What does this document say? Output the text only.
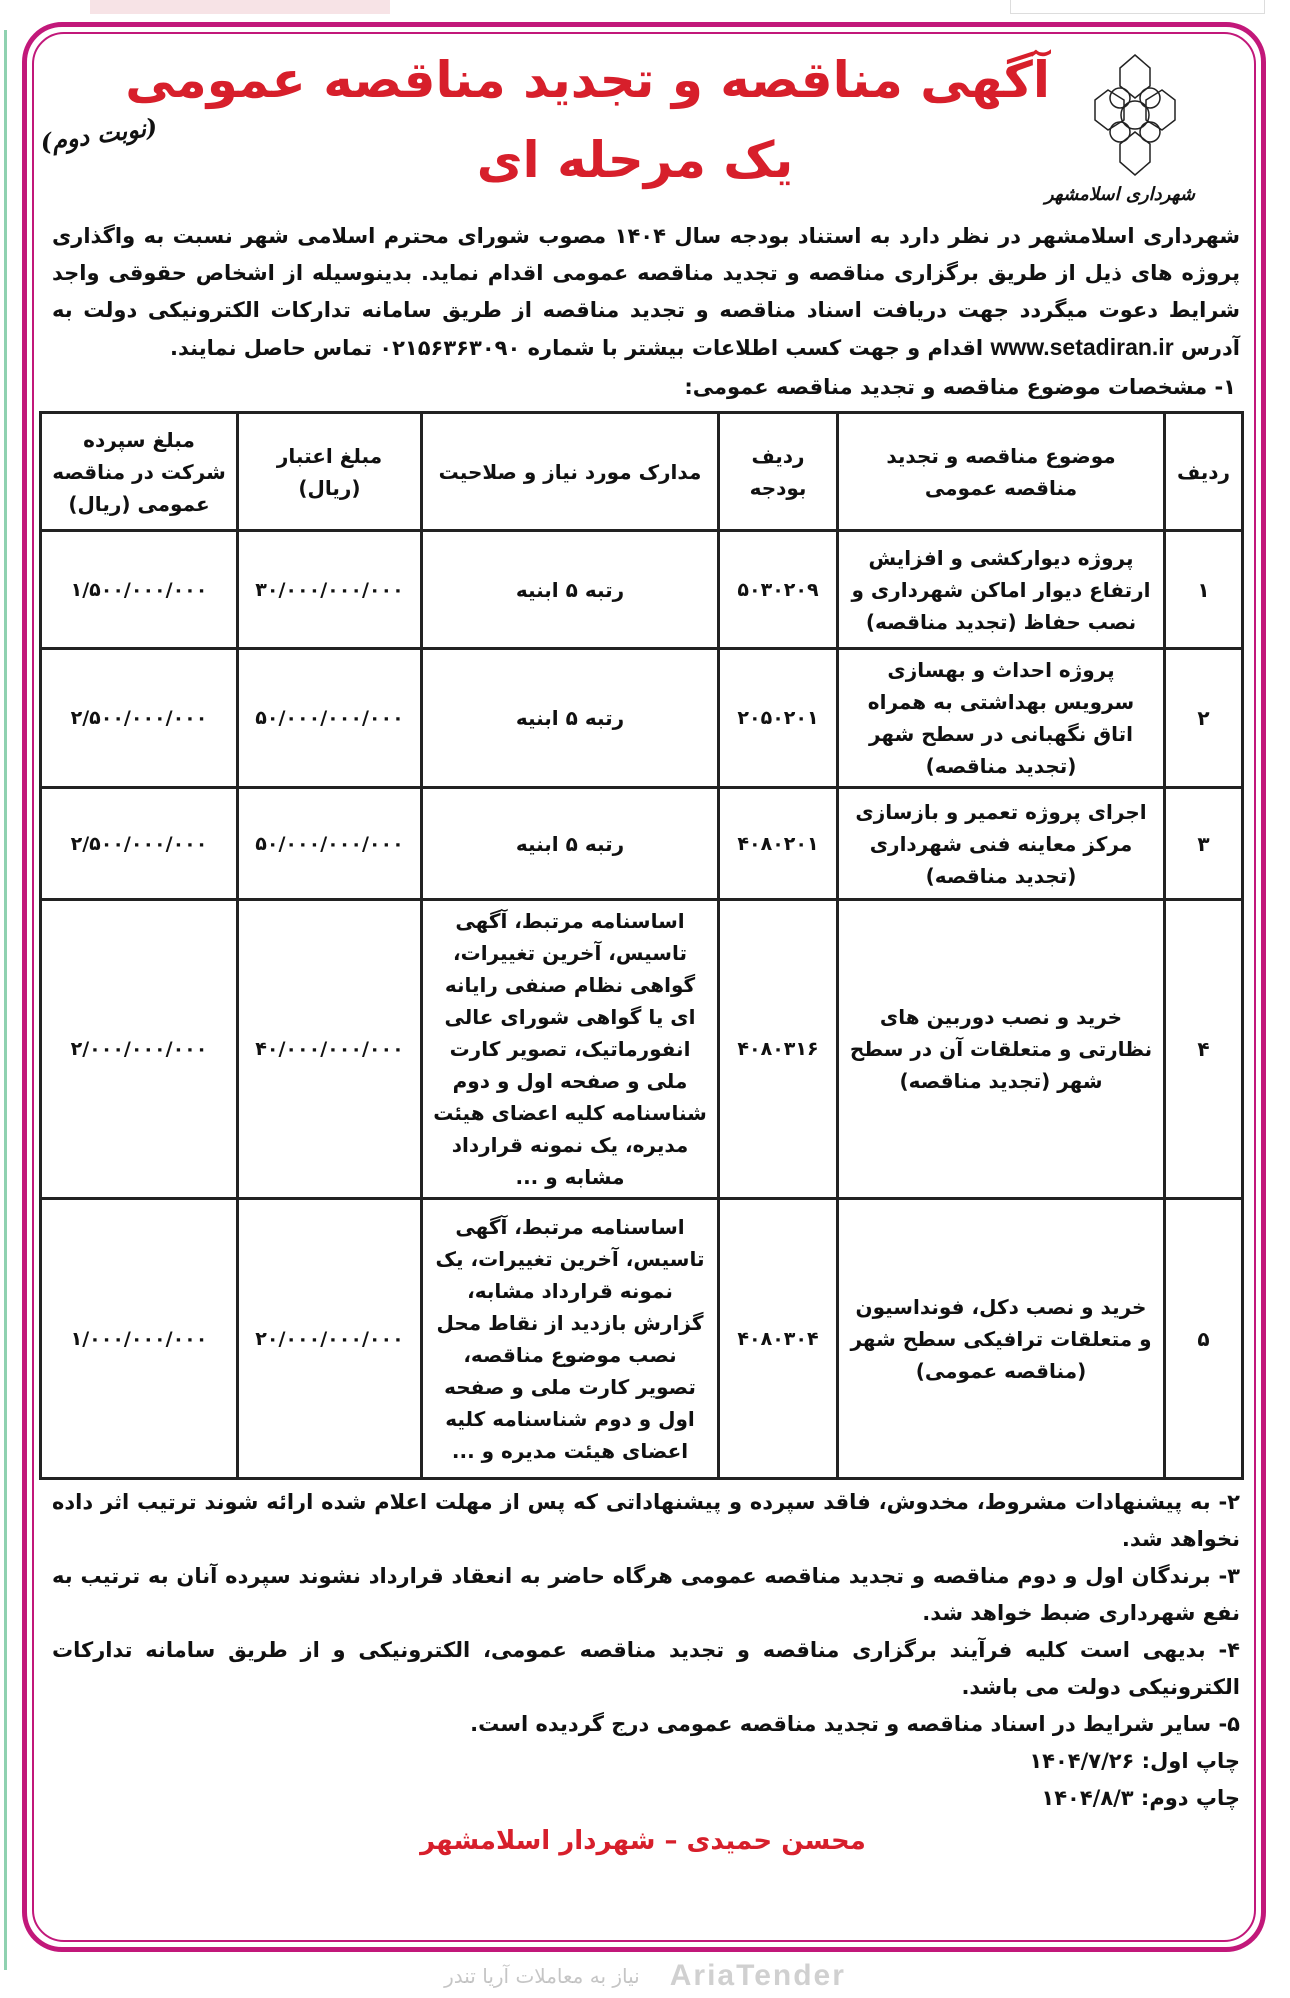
شهرداری اسلامشهر
آگهی مناقصه و تجدید مناقصه عمومی
یک مرحله ای
(نوبت دوم)
شهرداری اسلامشهر در نظر دارد به استناد بودجه سال ۱۴۰۴ مصوب شورای محترم اسلامی شهر نسبت به واگذاری پروژه های ذیل از طریق برگزاری مناقصه و تجدید مناقصه عمومی اقدام نماید. بدینوسیله از اشخاص حقوقی واجد شرایط دعوت میگردد جهت دریافت اسناد مناقصه و تجدید مناقصه از طریق سامانه تدارکات الکترونیکی دولت به آدرس www.setadiran.ir اقدام و جهت کسب اطلاعات بیشتر با شماره ۰۲۱۵۶۳۶۳۰۹۰ تماس حاصل نمایند.
۱- مشخصات موضوع مناقصه و تجدید مناقصه عمومی:
ردیف	موضوع مناقصه و تجدید مناقصه عمومی	ردیف بودجه	مدارک مورد نیاز و صلاحیت	مبلغ اعتبار (ریال)	مبلغ سپرده شرکت در مناقصه عمومی (ریال)
۱	پروژه دیوارکشی و افزایش ارتفاع دیوار اماکن شهرداری و نصب حفاظ (تجدید مناقصه)	۵۰۳۰۲۰۹	رتبه ۵ ابنیه	۳۰/۰۰۰/۰۰۰/۰۰۰	۱/۵۰۰/۰۰۰/۰۰۰
۲	پروژه احداث و بهسازی سرویس بهداشتی به همراه اتاق نگهبانی در سطح شهر (تجدید مناقصه)	۲۰۵۰۲۰۱	رتبه ۵ ابنیه	۵۰/۰۰۰/۰۰۰/۰۰۰	۲/۵۰۰/۰۰۰/۰۰۰
۳	اجرای پروژه تعمیر و بازسازی مرکز معاینه فنی شهرداری (تجدید مناقصه)	۴۰۸۰۲۰۱	رتبه ۵ ابنیه	۵۰/۰۰۰/۰۰۰/۰۰۰	۲/۵۰۰/۰۰۰/۰۰۰
۴	خرید و نصب دوربین های نظارتی و متعلقات آن در سطح شهر (تجدید مناقصه)	۴۰۸۰۳۱۶	اساسنامه مرتبط، آگهی تاسیس، آخرین تغییرات، گواهی نظام صنفی رایانه ای یا گواهی شورای عالی انفورماتیک، تصویر کارت ملی و صفحه اول و دوم شناسنامه کلیه اعضای هیئت مدیره، یک نمونه قرارداد مشابه و ...	۴۰/۰۰۰/۰۰۰/۰۰۰	۲/۰۰۰/۰۰۰/۰۰۰
۵	خرید و نصب دکل، فونداسیون و متعلقات ترافیکی سطح شهر (مناقصه عمومی)	۴۰۸۰۳۰۴	اساسنامه مرتبط، آگهی تاسیس، آخرین تغییرات، یک نمونه قرارداد مشابه، گزارش بازدید از نقاط محل نصب موضوع مناقصه، تصویر کارت ملی و صفحه اول و دوم شناسنامه کلیه اعضای هیئت مدیره و ...	۲۰/۰۰۰/۰۰۰/۰۰۰	۱/۰۰۰/۰۰۰/۰۰۰

۲- به پیشنهادات مشروط، مخدوش، فاقد سپرده و پیشنهاداتی که پس از مهلت اعلام شده ارائه شوند ترتیب اثر داده نخواهد شد.

۳- برندگان اول و دوم مناقصه و تجدید مناقصه عمومی هرگاه حاضر به انعقاد قرارداد نشوند سپرده آنان به ترتیب به نفع شهرداری ضبط خواهد شد.

۴- بدیهی است کلیه فرآیند برگزاری مناقصه و تجدید مناقصه عمومی، الکترونیکی و از طریق سامانه تدارکات الکترونیکی دولت می باشد.

۵- سایر شرایط در اسناد مناقصه و تجدید مناقصه عمومی درج گردیده است.

چاپ اول: ۱۴۰۴/۷/۲۶

چاپ دوم: ۱۴۰۴/۸/۳

محسن حمیدی – شهردار اسلامشهر
AriaTender
نیاز به معاملات آریا تندر
